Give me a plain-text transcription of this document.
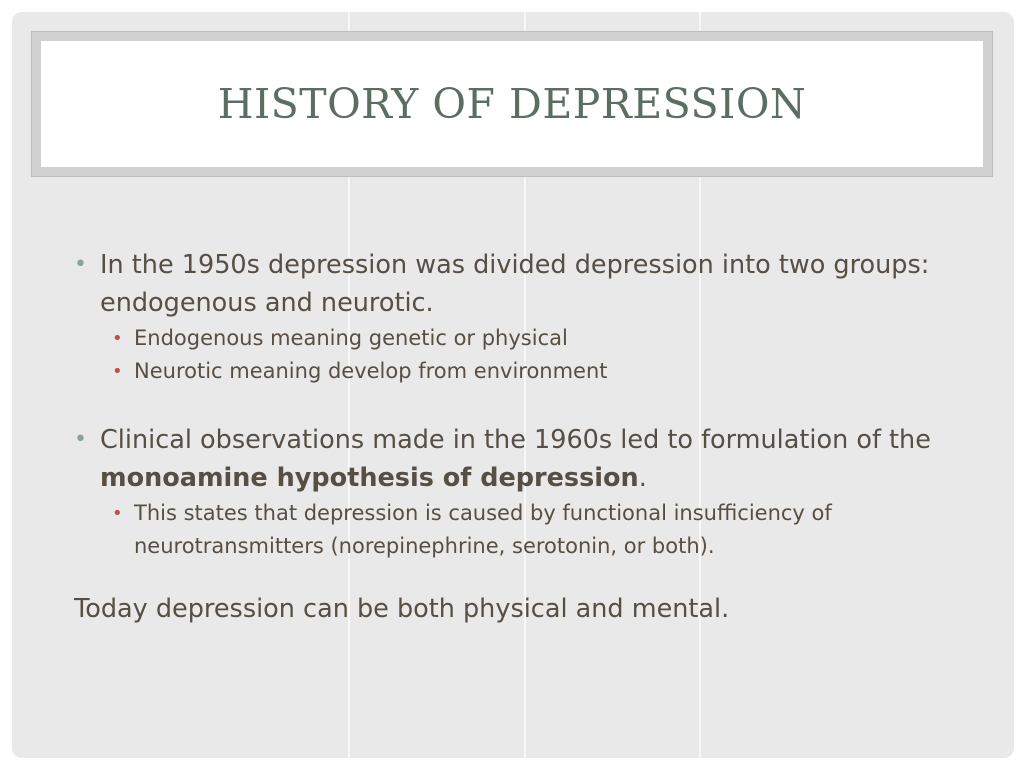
HISTORY OF DEPRESSION
• In the 1950s depression was divided depression into two groups: endogenous and neurotic.
• Endogenous meaning genetic or physical
• Neurotic meaning develop from environment
• Clinical observations made in the 1960s led to formulation of the monoamine hypothesis of depression.
• This states that depression is caused by functional insufficiency of neurotransmitters (norepinephrine, serotonin, or both).
Today depression can be both physical and mental.
